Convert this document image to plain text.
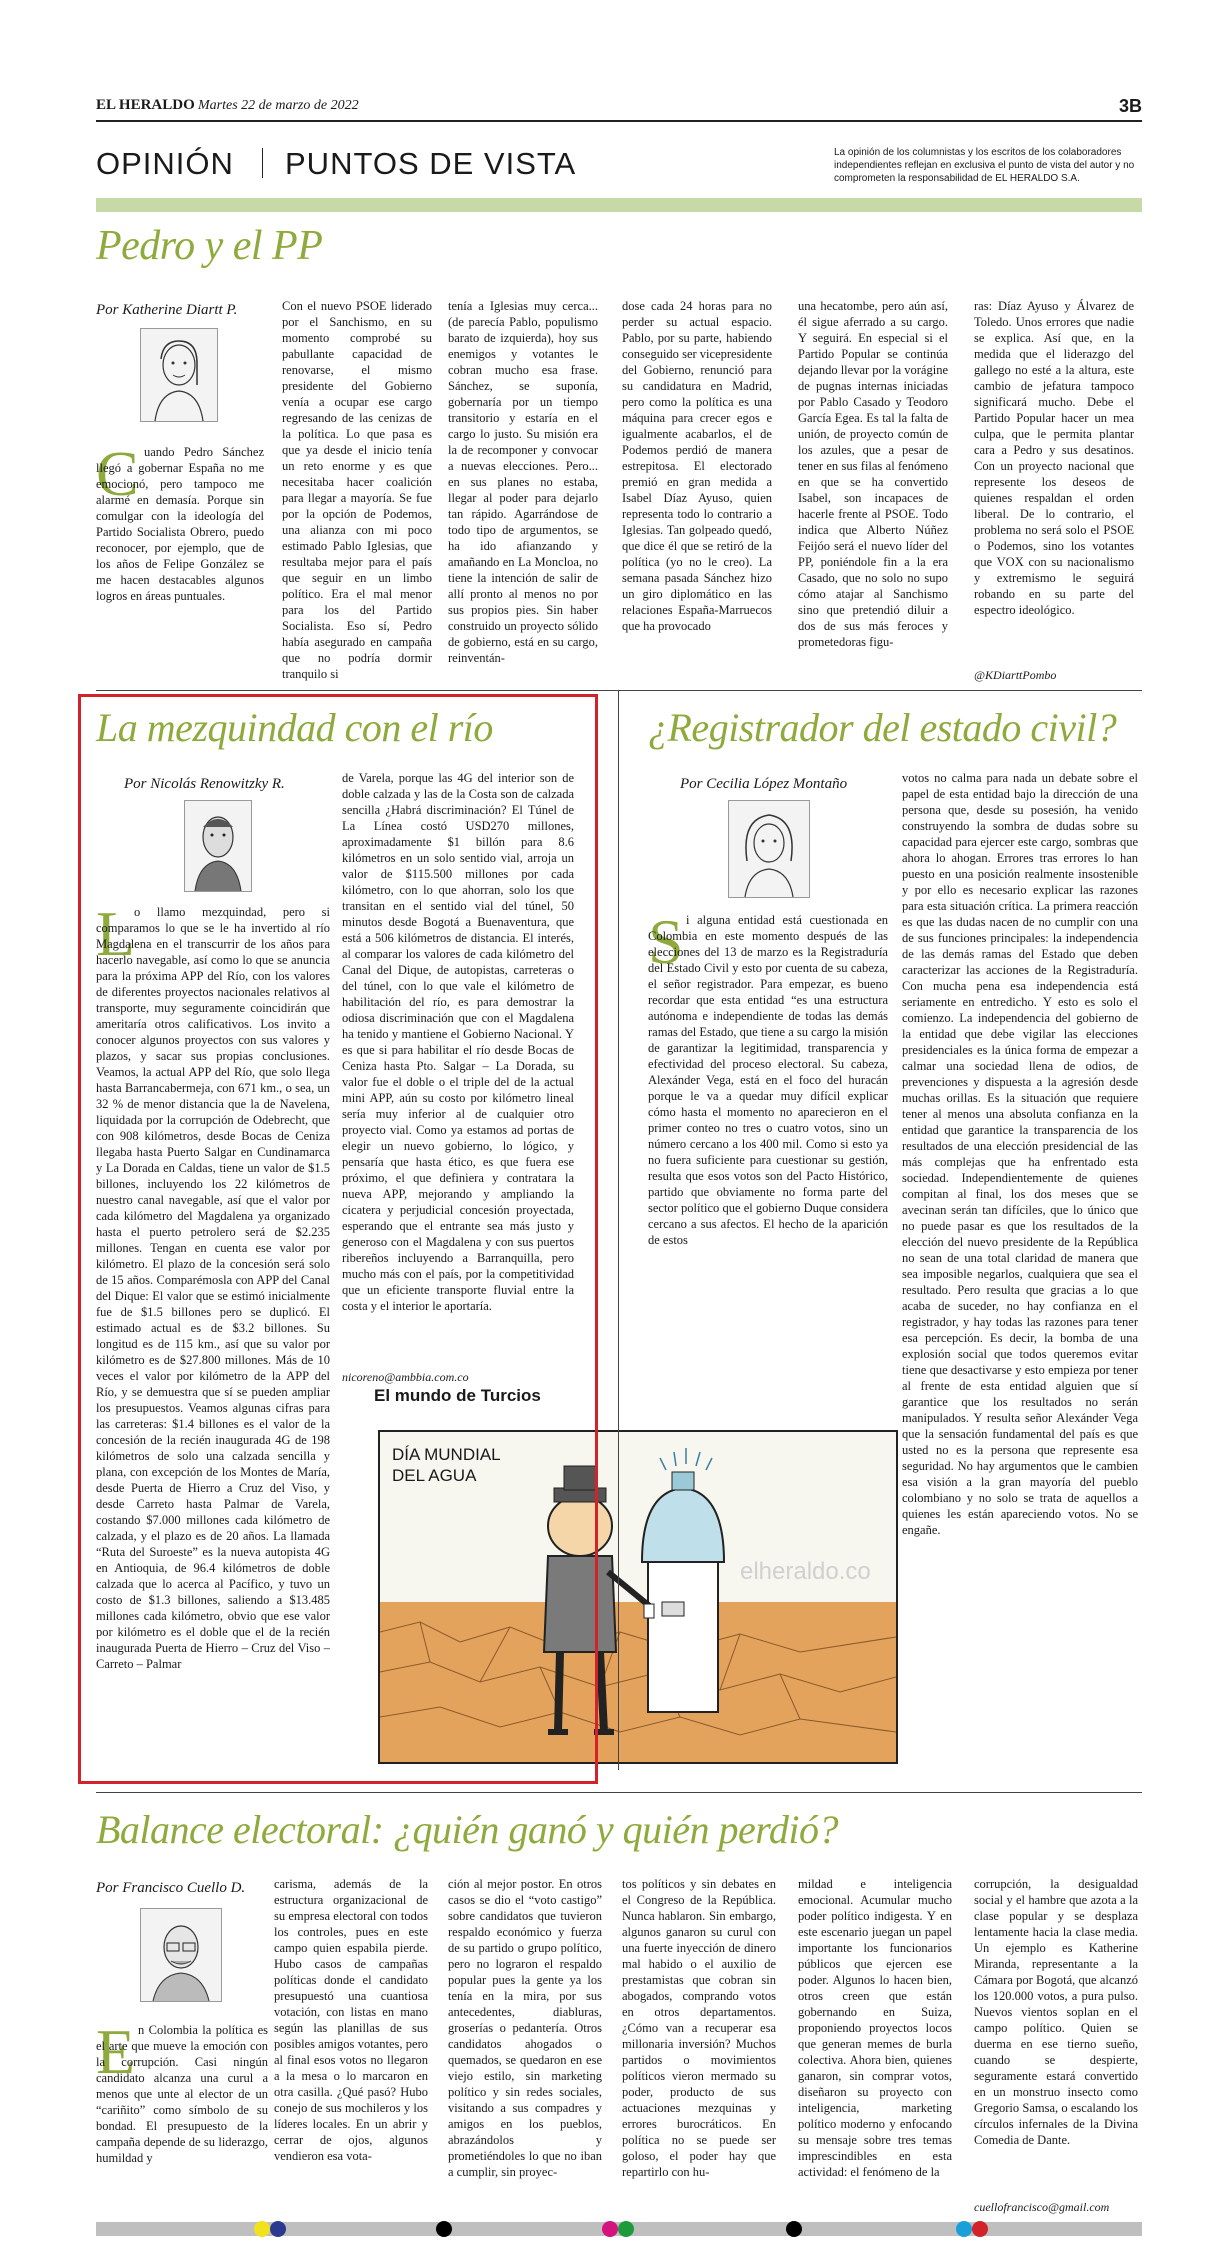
EL HERALDO Martes 22 de marzo de 2022	3B
OPINIÓN PUNTOS DE VISTA	La opinión de los columnistas y los escritos de los colaboradores independientes reflejan en exclusiva el punto de vista del autor y no comprometen la responsabilidad de EL HERALDO S.A.
Pedro y el PP
Por Katherine Diartt P.
C uando Pedro Sánchez llegó a gobernar España no me emocionó, pero tampoco me alarmé en demasía. Porque sin comulgar con la ideología del Partido Socialista Obrero, puedo reconocer, por ejemplo, que de los años de Felipe González se me hacen destacables algunos logros en áreas puntuales.
Con el nuevo PSOE liderado por el Sanchismo, en su momento comprobé su pabullante capacidad de renovarse, el mismo presidente del Gobierno venía a ocupar ese cargo regresando de las cenizas de la política. Lo que pasa es que ya desde el inicio tenía un reto enorme y es que necesitaba hacer coalición para llegar a mayoría. Se fue por la opción de Podemos, una alianza con mi poco estimado Pablo Iglesias, que resultaba mejor para el país que seguir en un limbo político. Era el mal menor para los del Partido Socialista. Eso sí, Pedro había asegurado en campaña que no podría dormir tranquilo si
tenía a Iglesias muy cerca... (de parecía Pablo, populismo barato de izquierda), hoy sus enemigos y votantes le cobran mucho esa frase. Sánchez, se suponía, gobernaría por un tiempo transitorio y estaría en el cargo lo justo. Su misión era la de recomponer y convocar a nuevas elecciones. Pero... en sus planes no estaba, llegar al poder para dejarlo tan rápido. Agarrándose de todo tipo de argumentos, se ha ido afianzando y amañando en La Moncloa, no tiene la intención de salir de allí pronto al menos no por sus propios pies. Sin haber construido un proyecto sólido de gobierno, está en su cargo, reinventán-
dose cada 24 horas para no perder su actual espacio. Pablo, por su parte, habiendo conseguido ser vicepresidente del Gobierno, renunció para su candidatura en Madrid, pero como la política es una máquina para crecer egos e igualmente acabarlos, el de Podemos perdió de manera estrepitosa. El electorado premió en gran medida a Isabel Díaz Ayuso, quien representa todo lo contrario a Iglesias. Tan golpeado quedó, que dice él que se retiró de la política (yo no le creo). La semana pasada Sánchez hizo un giro diplomático en las relaciones España-Marruecos que ha provocado
una hecatombe, pero aún así, él sigue aferrado a su cargo. Y seguirá. En especial si el Partido Popular se continúa dejando llevar por la vorágine de pugnas internas iniciadas por Pablo Casado y Teodoro García Egea. Es tal la falta de unión, de proyecto común de los azules, que a pesar de tener en sus filas al fenómeno en que se ha convertido Isabel, son incapaces de hacerle frente al PSOE. Todo indica que Alberto Núñez Feijóo será el nuevo líder del PP, poniéndole fin a la era Casado, que no solo no supo cómo atajar al Sanchismo sino que pretendió diluir a dos de sus más feroces y prometedoras figu-
ras: Díaz Ayuso y Álvarez de Toledo. Unos errores que nadie se explica. Así que, en la medida que el liderazgo del gallego no esté a la altura, este cambio de jefatura tampoco significará mucho. Debe el Partido Popular hacer un mea culpa, que le permita plantar cara a Pedro y sus desatinos. Con un proyecto nacional que represente los deseos de quienes respaldan el orden liberal. De lo contrario, el problema no será solo el PSOE o Podemos, sino los votantes que VOX con su nacionalismo y extremismo le seguirá robando en su parte del espectro ideológico.
@KDiarttPombo
La mezquindad con el río
Por Nicolás Renowitzky R.
L
o llamo mezquindad, pero si comparamos lo que se le ha invertido al río Magdalena en el transcurrir de los años para hacerlo navegable, así como lo que se anuncia para la próxima APP del Río, con los valores de diferentes proyectos nacionales relativos al transporte, muy seguramente coincidirán que ameritaría otros calificativos. Los invito a conocer algunos proyectos con sus valores y plazos, y sacar sus propias conclusiones. Veamos, la actual APP del Río, que solo llega hasta Barrancabermeja, con 671 km., o sea, un 32 % de menor distancia que la de Navelena, liquidada por la corrupción de Odebrecht, que con 908 kilómetros, desde Bocas de Ceniza llegaba hasta Puerto Salgar en Cundinamarca y La Dorada en Caldas, tiene un valor de $1.5 billones, incluyendo los 22 kilómetros de nuestro canal navegable, así que el valor por cada kilómetro del Magdalena ya organizado hasta el puerto petrolero será de $2.235 millones. Tengan en cuenta ese valor por kilómetro. El plazo de la concesión será solo de 15 años. Comparémosla con APP del Canal del Dique: El valor que se estimó inicialmente fue de $1.5 billones pero se duplicó. El estimado actual es de $3.2 billones. Su longitud es de 115 km., así que su valor por kilómetro es de $27.800 millones. Más de 10 veces el valor por kilómetro de la APP del Río, y se demuestra que sí se pueden ampliar los presupuestos. Veamos algunas cifras para las carreteras: $1.4 billones es el valor de la concesión de la recién inaugurada 4G de 198 kilómetros de solo una calzada sencilla y plana, con excepción de los Montes de María, desde Puerta de Hierro a Cruz del Viso, y desde Carreto hasta Palmar de Varela, costando $7.000 millones cada kilómetro de calzada, y el plazo es de 20 años. La llamada “Ruta del Suroeste” es la nueva autopista 4G en Antioquia, de 96.4 kilómetros de doble calzada que lo acerca al Pacífico, y tuvo un costo de $1.3 billones, saliendo a $13.485 millones cada kilómetro, obvio que ese valor por kilómetro es el doble que el de la recién inaugurada Puerta de Hierro – Cruz del Viso – Carreto – Palmar
de Varela, porque las 4G del interior son de doble calzada y las de la Costa son de calzada sencilla ¿Habrá discriminación? El Túnel de La Línea costó USD270 millones, aproximadamente $1 billón para 8.6 kilómetros en un solo sentido vial, arroja un valor de $115.500 millones por cada kilómetro, con lo que ahorran, solo los que transitan en el sentido vial del túnel, 50 minutos desde Bogotá a Buenaventura, que está a 506 kilómetros de distancia. El interés, al comparar los valores de cada kilómetro del Canal del Dique, de autopistas, carreteras o del túnel, con lo que vale el kilómetro de habilitación del río, es para demostrar la odiosa discriminación que con el Magdalena ha tenido y mantiene el Gobierno Nacional. Y es que si para habilitar el río desde Bocas de Ceniza hasta Pto. Salgar – La Dorada, su valor fue el doble o el triple del de la actual mini APP, aún su costo por kilómetro lineal sería muy inferior al de cualquier otro proyecto vial. Como ya estamos ad portas de elegir un nuevo gobierno, lo lógico, y pensaría que hasta ético, es que fuera ese próximo, el que definiera y contratara la nueva APP, mejorando y ampliando la cicatera y perjudicial concesión proyectada, esperando que el entrante sea más justo y generoso con el Magdalena y con sus puertos ribereños incluyendo a Barranquilla, pero mucho más con el país, por la competitividad que un eficiente transporte fluvial entre la costa y el interior le aportaría.
nicoreno@ambbia.com.co
El mundo de Turcios
DÍA MUNDIAL
DEL AGUA
elheraldo.co
¿Registrador del estado civil?
Por Cecilia López Montaño
S i alguna entidad está cuestionada en Colombia en este momento después de las elecciones del 13 de marzo es la Registraduría del Estado Civil y esto por cuenta de su cabeza, el señor registrador. Para empezar, es bueno recordar que esta entidad “es una estructura autónoma e independiente de todas las demás ramas del Estado, que tiene a su cargo la misión de garantizar la legitimidad, transparencia y efectividad del proceso electoral. Su cabeza, Alexánder Vega, está en el foco del huracán porque le va a quedar muy difícil explicar cómo hasta el momento no aparecieron en el primer conteo no tres o cuatro votos, sino un número cercano a los 400 mil. Como si esto ya no fuera suficiente para cuestionar su gestión, resulta que esos votos son del Pacto Histórico, partido que obviamente no forma parte del sector político que el gobierno Duque considera cercano a sus afectos. El hecho de la aparición de estos
votos no calma para nada un debate sobre el papel de esta entidad bajo la dirección de una persona que, desde su posesión, ha venido construyendo la sombra de dudas sobre su capacidad para ejercer este cargo, sombras que ahora lo ahogan. Errores tras errores lo han puesto en una posición realmente insostenible y por ello es necesario explicar las razones para esta situación crítica. La primera reacción es que las dudas nacen de no cumplir con una de sus funciones principales: la independencia de las demás ramas del Estado que deben caracterizar las acciones de la Registraduría. Con mucha pena esa independencia está seriamente en entredicho. Y esto es solo el comienzo. La independencia del gobierno de la entidad que debe vigilar las elecciones presidenciales es la única forma de empezar a calmar una sociedad llena de odios, de prevenciones y dispuesta a la agresión desde muchas orillas. Es la situación que requiere tener al menos una absoluta confianza en la entidad que garantice la transparencia de los resultados de una elección presidencial de las más complejas que ha enfrentado esta sociedad. Independientemente de quienes compitan al final, los dos meses que se avecinan serán tan difíciles, que lo único que no puede pasar es que los resultados de la elección del nuevo presidente de la República no sean de una total claridad de manera que sea imposible negarlos, cualquiera que sea el resultado. Pero resulta que gracias a lo que acaba de suceder, no hay confianza en el registrador, y hay todas las razones para tener esa percepción. Es decir, la bomba de una explosión social que todos queremos evitar tiene que desactivarse y esto empieza por tener al frente de esta entidad alguien que sí garantice que los resultados no serán manipulados. Y resulta señor Alexánder Vega que la sensación fundamental del país es que usted no es la persona que represente esa seguridad. No hay argumentos que le cambien esa visión a la gran mayoría del pueblo colombiano y no solo se trata de aquellos a quienes les están apareciendo votos. No se engañe.
Balance electoral: ¿quién ganó y quién perdió?
Por Francisco Cuello D.
E n Colombia la política es el arte que mueve la emoción con la corrupción. Casi ningún candidato alcanza una curul a menos que unte al elector de un “cariñito” como símbolo de su bondad. El presupuesto de la campaña depende de su liderazgo, humildad y
carisma, además de la estructura organizacional de su empresa electoral con todos los controles, pues en este campo quien espabila pierde. Hubo casos de campañas políticas donde el candidato presupuestó una cuantiosa votación, con listas en mano según las planillas de sus posibles amigos votantes, pero al final esos votos no llegaron a la mesa o lo marcaron en otra casilla. ¿Qué pasó? Hubo conejo de sus mochileros y los líderes locales. En un abrir y cerrar de ojos, algunos vendieron esa vota-
ción al mejor postor. En otros casos se dio el “voto castigo” sobre candidatos que tuvieron respaldo económico y fuerza de su partido o grupo político, pero no lograron el respaldo popular pues la gente ya los tenía en la mira, por sus antecedentes, diabluras, groserías o pedantería. Otros candidatos ahogados o quemados, se quedaron en ese viejo estilo, sin marketing político y sin redes sociales, visitando a sus compadres y amigos en los pueblos, abrazándolos y prometiéndoles lo que no iban a cumplir, sin proyec-
tos políticos y sin debates en el Congreso de la República. Nunca hablaron. Sin embargo, algunos ganaron su curul con una fuerte inyección de dinero mal habido o el auxilio de prestamistas que cobran sin abogados, comprando votos en otros departamentos. ¿Cómo van a recuperar esa millonaria inversión? Muchos partidos o movimientos políticos vieron mermado su poder, producto de sus actuaciones mezquinas y errores burocráticos. En política no se puede ser goloso, el poder hay que repartirlo con hu-
mildad e inteligencia emocional. Acumular mucho poder político indigesta. Y en este escenario juegan un papel importante los funcionarios públicos que ejercen ese poder. Algunos lo hacen bien, otros creen que están gobernando en Suiza, proponiendo proyectos locos que generan memes de burla colectiva. Ahora bien, quienes ganaron, sin comprar votos, diseñaron su proyecto con inteligencia, marketing político moderno y enfocando su mensaje sobre tres temas imprescindibles en esta actividad: el fenómeno de la
corrupción, la desigualdad social y el hambre que azota a la clase popular y se desplaza lentamente hacia la clase media. Un ejemplo es Katherine Miranda, representante a la Cámara por Bogotá, que alcanzó los 120.000 votos, a pura pulso. Nuevos vientos soplan en el campo político. Quien se duerma en ese tierno sueño, cuando se despierte, seguramente estará convertido en un monstruo insecto como Gregorio Samsa, o escalando los círculos infernales de la Divina Comedia de Dante.
cuellofrancisco@gmail.com
